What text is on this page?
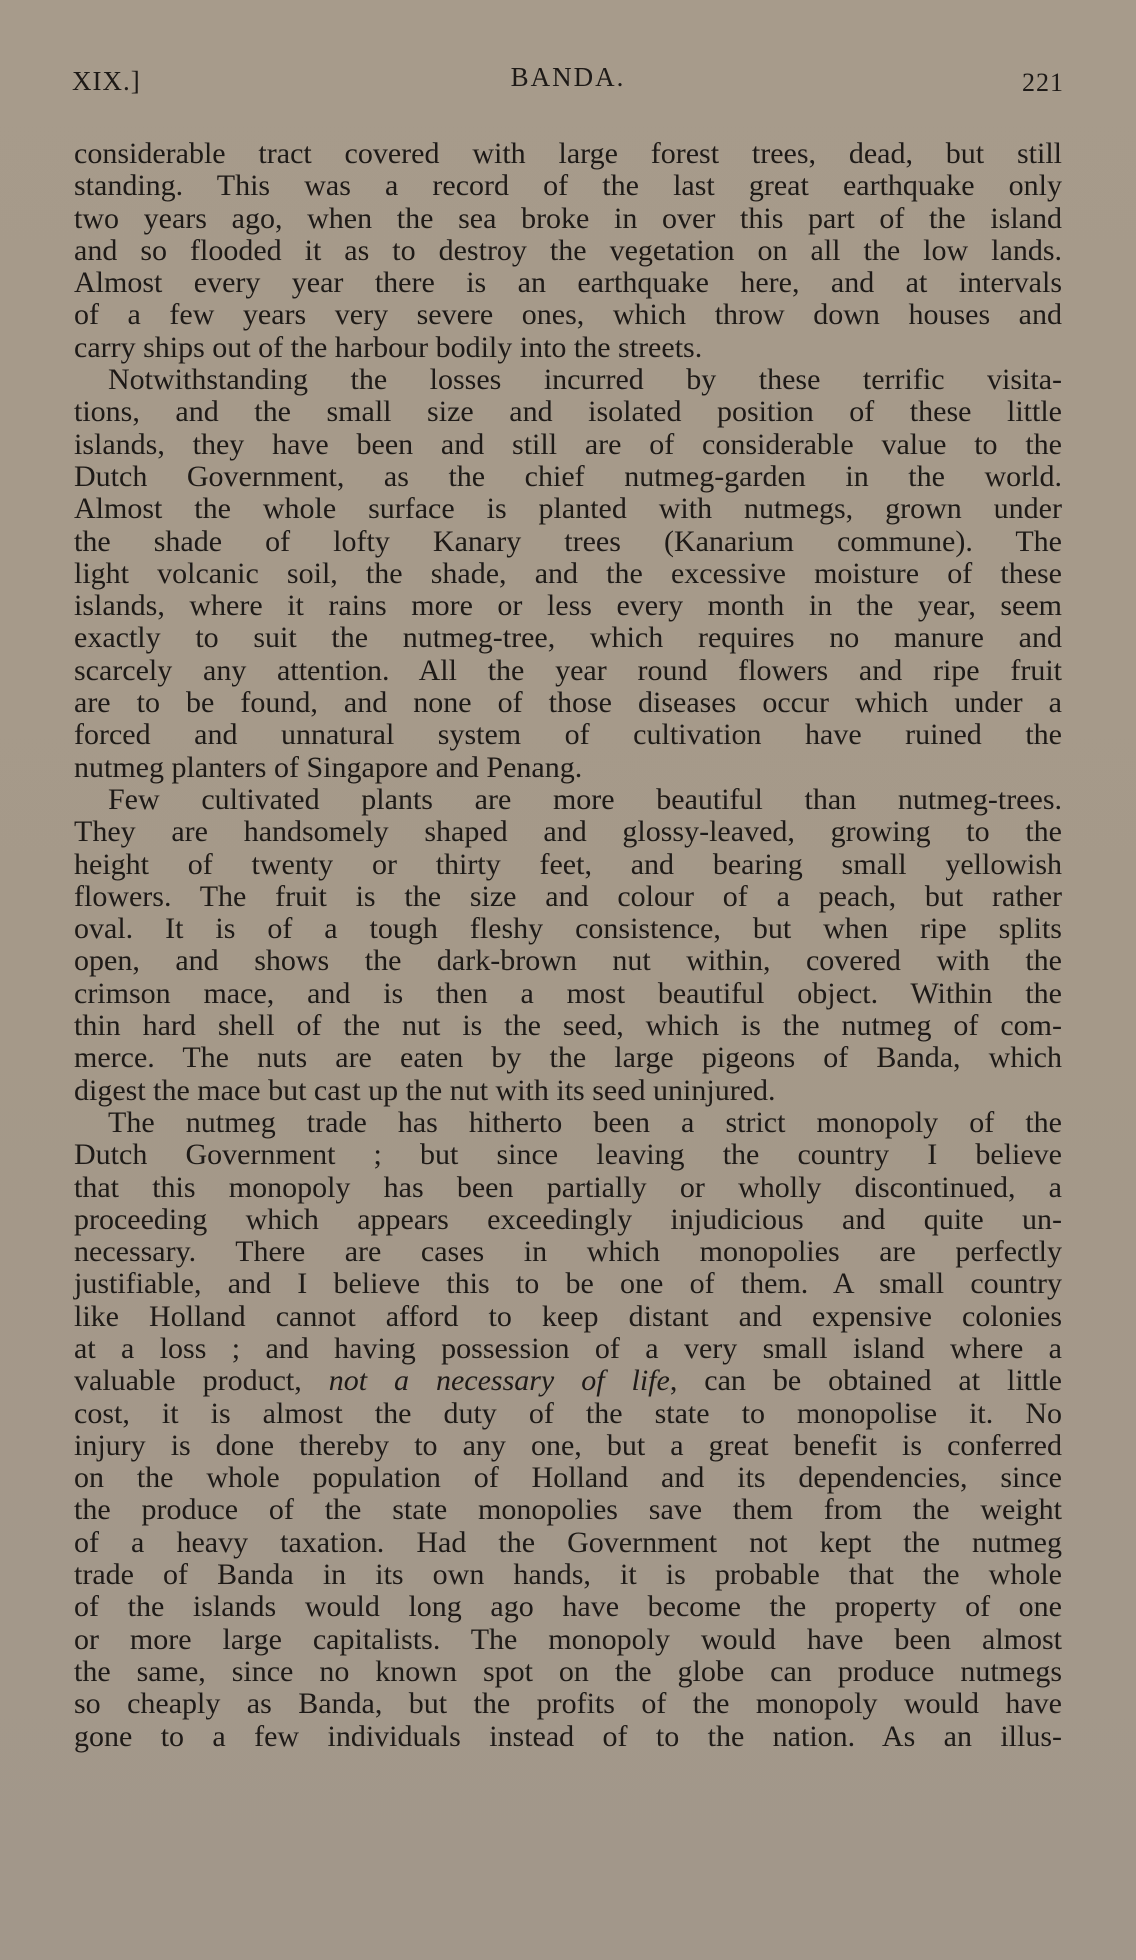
XIX.]	BANDA.	221
considerable tract covered with large forest trees, dead, but still
standing. This was a record of the last great earthquake only
two years ago, when the sea broke in over this part of the island
and so flooded it as to destroy the vegetation on all the low lands.
Almost every year there is an earthquake here, and at intervals
of a few years very severe ones, which throw down houses and
carry ships out of the harbour bodily into the streets.
Notwithstanding the losses incurred by these terrific visita-
tions, and the small size and isolated position of these little
islands, they have been and still are of considerable value to the
Dutch Government, as the chief nutmeg-garden in the world.
Almost the whole surface is planted with nutmegs, grown under
the shade of lofty Kanary trees (Kanarium commune). The
light volcanic soil, the shade, and the excessive moisture of these
islands, where it rains more or less every month in the year, seem
exactly to suit the nutmeg-tree, which requires no manure and
scarcely any attention. All the year round flowers and ripe fruit
are to be found, and none of those diseases occur which under a
forced and unnatural system of cultivation have ruined the
nutmeg planters of Singapore and Penang.
Few cultivated plants are more beautiful than nutmeg-trees.
They are handsomely shaped and glossy-leaved, growing to the
height of twenty or thirty feet, and bearing small yellowish
flowers. The fruit is the size and colour of a peach, but rather
oval. It is of a tough fleshy consistence, but when ripe splits
open, and shows the dark-brown nut within, covered with the
crimson mace, and is then a most beautiful object. Within the
thin hard shell of the nut is the seed, which is the nutmeg of com-
merce. The nuts are eaten by the large pigeons of Banda, which
digest the mace but cast up the nut with its seed uninjured.
The nutmeg trade has hitherto been a strict monopoly of the
Dutch Government ; but since leaving the country I believe
that this monopoly has been partially or wholly discontinued, a
proceeding which appears exceedingly injudicious and quite un-
necessary. There are cases in which monopolies are perfectly
justifiable, and I believe this to be one of them. A small country
like Holland cannot afford to keep distant and expensive colonies
at a loss ; and having possession of a very small island where a
valuable product, not a necessary of life, can be obtained at little
cost, it is almost the duty of the state to monopolise it. No
injury is done thereby to any one, but a great benefit is conferred
on the whole population of Holland and its dependencies, since
the produce of the state monopolies save them from the weight
of a heavy taxation. Had the Government not kept the nutmeg
trade of Banda in its own hands, it is probable that the whole
of the islands would long ago have become the property of one
or more large capitalists. The monopoly would have been almost
the same, since no known spot on the globe can produce nutmegs
so cheaply as Banda, but the profits of the monopoly would have
gone to a few individuals instead of to the nation. As an illus-
